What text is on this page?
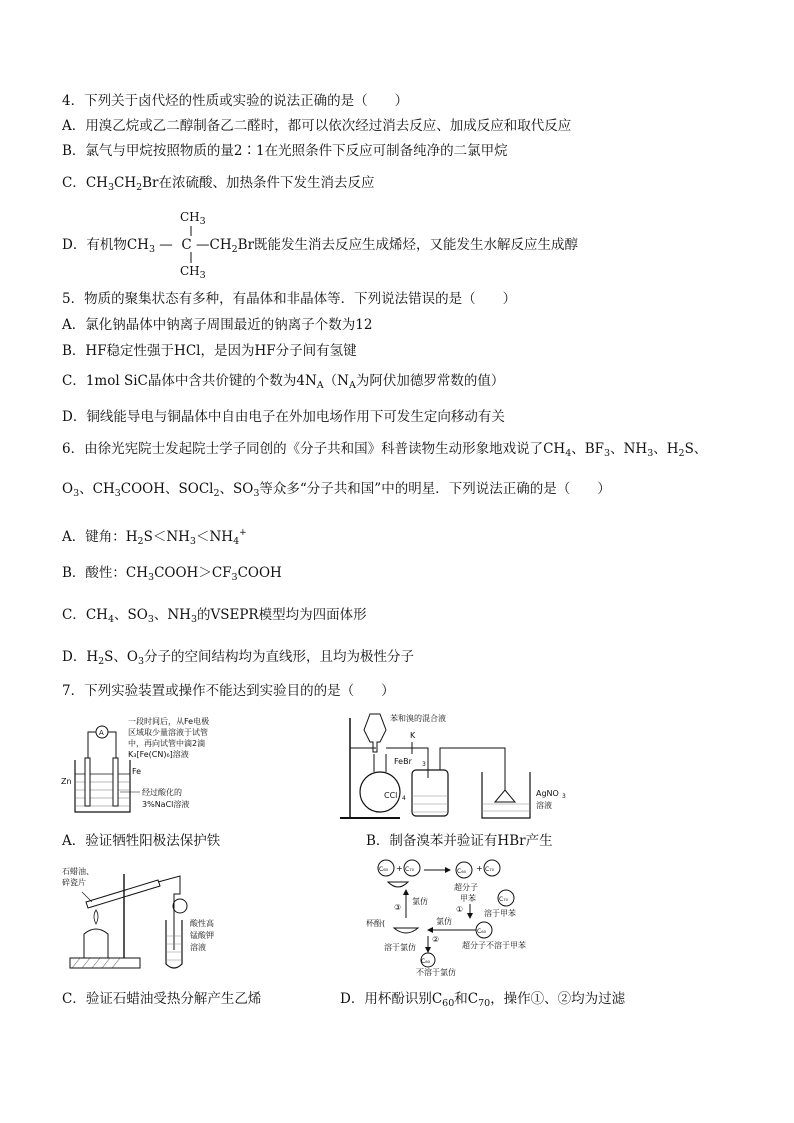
4．下列关于卤代烃的性质或实验的说法正确的是（　　）
A．用溴乙烷或乙二醇制备乙二醛时，都可以依次经过消去反应、加成反应和取代反应
B．氯气与甲烷按照物质的量2∶1在光照条件下反应可制备纯净的二氯甲烷
C．$CH_3CH_2Br$在浓硫酸、加热条件下发生消去反应
$CH_3$
D．有机物$CH_3$ — C $—CH_2Br$既能发生消去反应生成烯烃，又能发生水解反应生成醇
$CH_3$
5．物质的聚集状态有多种，有晶体和非晶体等．下列说法错误的是（　　）
A．氯化钠晶体中钠离子周围最近的钠离子个数为12
B．HF稳定性强于HCl，是因为HF分子间有氢键
C．1mol SiC晶体中含共价键的个数为$4N_A(N_A$为阿伏加德罗常数的值）
D．铜线能导电与铜晶体中自由电子在外加电场作用下可发生定向移动有关
6．由徐光宪院士发起院士学子同创的《分子共和国》科普读物生动形象地戏说了$CH_4$、$BF_3$、$NH_3$、$H_2S$、
$O_3$、$CH_3COOH$、SOCl$_2$、$SO_3$等众多“分子共和国”中的明星．下列说法正确的是（　　）
A．键角：$H_2S<NH_3<NH_4^+$
B．酸性：$CH_3COOH>CF_3COOH$
C．$CH_4$、$SO_3$、$NH_3$的VSEPR模型均为四面体形
D．$H_2S$、$O_3$分子的空间结构均为直线形，且均为极性分子
7．下列实验装置或操作不能达到实验目的的是（　　）
一段时间后，从Fe电极
区域取少量溶液于试管
中，再向试管中滴2滴
K₃[Fe(CN)₆]溶液
A
Zn
Fe
经过酸化的
3%NaCl溶液
A．验证牺牲阳极法保护铁
苯和溴的混合液
FeBr 3
K
CCl 4
AgNO 3
溶液
B．制备溴苯并验证有HBr产生
石蜡油、
碎瓷片
酸性高
锰酸钾
溶液
C．验证石蜡油受热分解产生乙烯
C₆₀ + C₇₀	C₆₀ + C₇₀
超分子
甲苯
①
C₇₀
溶于甲苯
C₆₀
超分子不溶于甲苯
氯仿
②
杯酚(
溶于氯仿
氯仿
③
C₆₀
不溶于氯仿
D．用杯酚识别$C_{60}$和$C_{70}$，操作①、②均为过滤
